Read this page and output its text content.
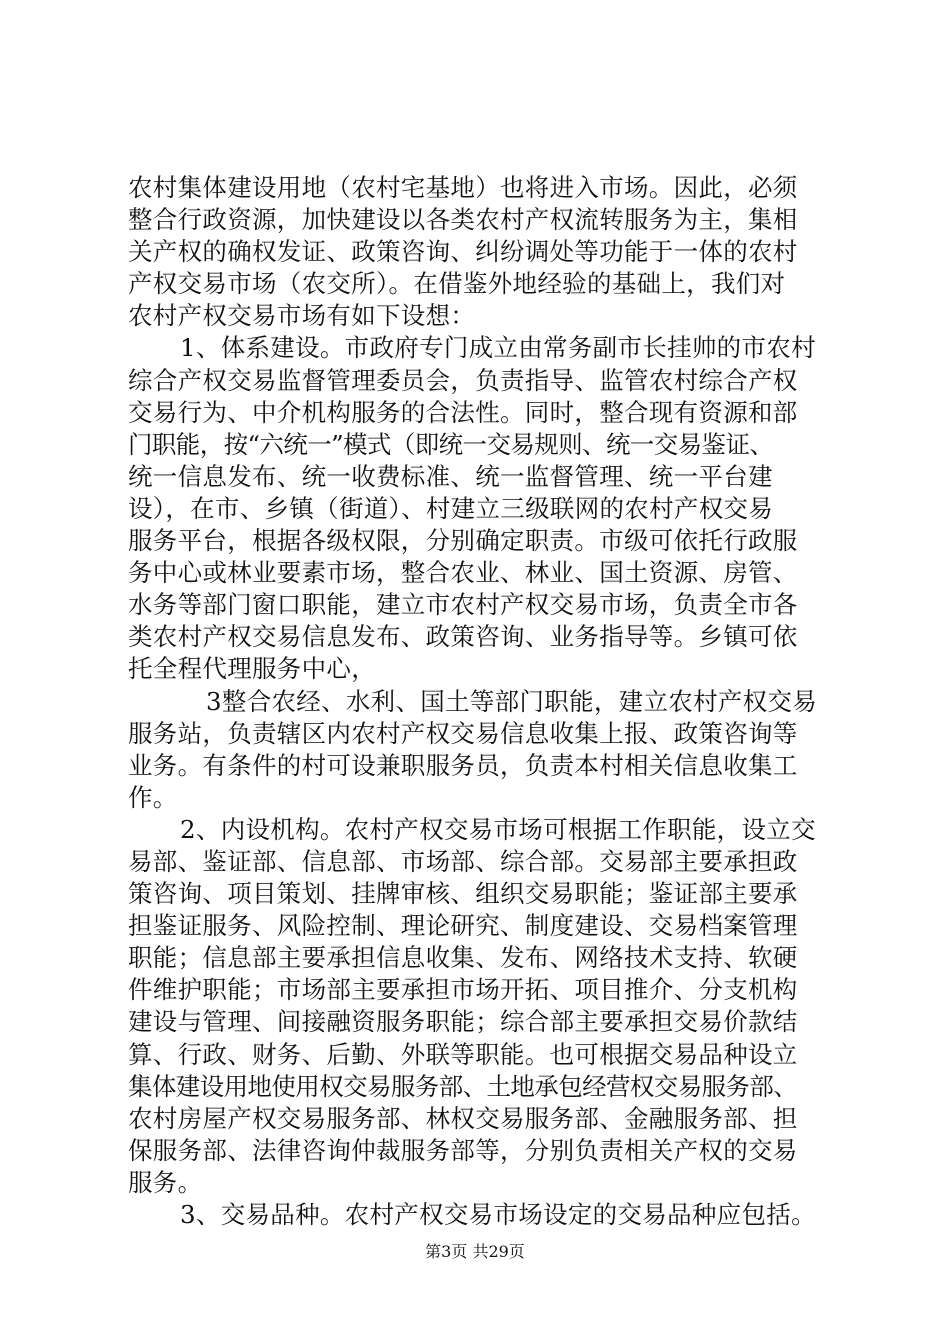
农村集体建设用地（农村宅基地）也将进入市场。因此，必须
整合行政资源，加快建设以各类农村产权流转服务为主，集相
关产权的确权发证、政策咨询、纠纷调处等功能于一体的农村
产权交易市场（农交所）。在借鉴外地经验的基础上，我们对
农村产权交易市场有如下设想：
1、体系建设。市政府专门成立由常务副市长挂帅的市农村
综合产权交易监督管理委员会，负责指导、监管农村综合产权
交易行为、中介机构服务的合法性。同时，整合现有资源和部
门职能，按“六统一”模式（即统一交易规则、统一交易鉴证、
统一信息发布、统一收费标准、统一监督管理、统一平台建
设），在市、乡镇（街道）、村建立三级联网的农村产权交易
服务平台，根据各级权限，分别确定职责。市级可依托行政服
务中心或林业要素市场，整合农业、林业、国土资源、房管、
水务等部门窗口职能，建立市农村产权交易市场，负责全市各
类农村产权交易信息发布、政策咨询、业务指导等。乡镇可依
托全程代理服务中心，
3整合农经、水利、国土等部门职能，建立农村产权交易
服务站，负责辖区内农村产权交易信息收集上报、政策咨询等
业务。有条件的村可设兼职服务员，负责本村相关信息收集工
作。
2、内设机构。农村产权交易市场可根据工作职能，设立交
易部、鉴证部、信息部、市场部、综合部。交易部主要承担政
策咨询、项目策划、挂牌审核、组织交易职能；鉴证部主要承
担鉴证服务、风险控制、理论研究、制度建设、交易档案管理
职能；信息部主要承担信息收集、发布、网络技术支持、软硬
件维护职能；市场部主要承担市场开拓、项目推介、分支机构
建设与管理、间接融资服务职能；综合部主要承担交易价款结
算、行政、财务、后勤、外联等职能。也可根据交易品种设立
集体建设用地使用权交易服务部、土地承包经营权交易服务部、
农村房屋产权交易服务部、林权交易服务部、金融服务部、担
保服务部、法律咨询仲裁服务部等，分别负责相关产权的交易
服务。
3、交易品种。农村产权交易市场设定的交易品种应包括。
第3页 共29页
